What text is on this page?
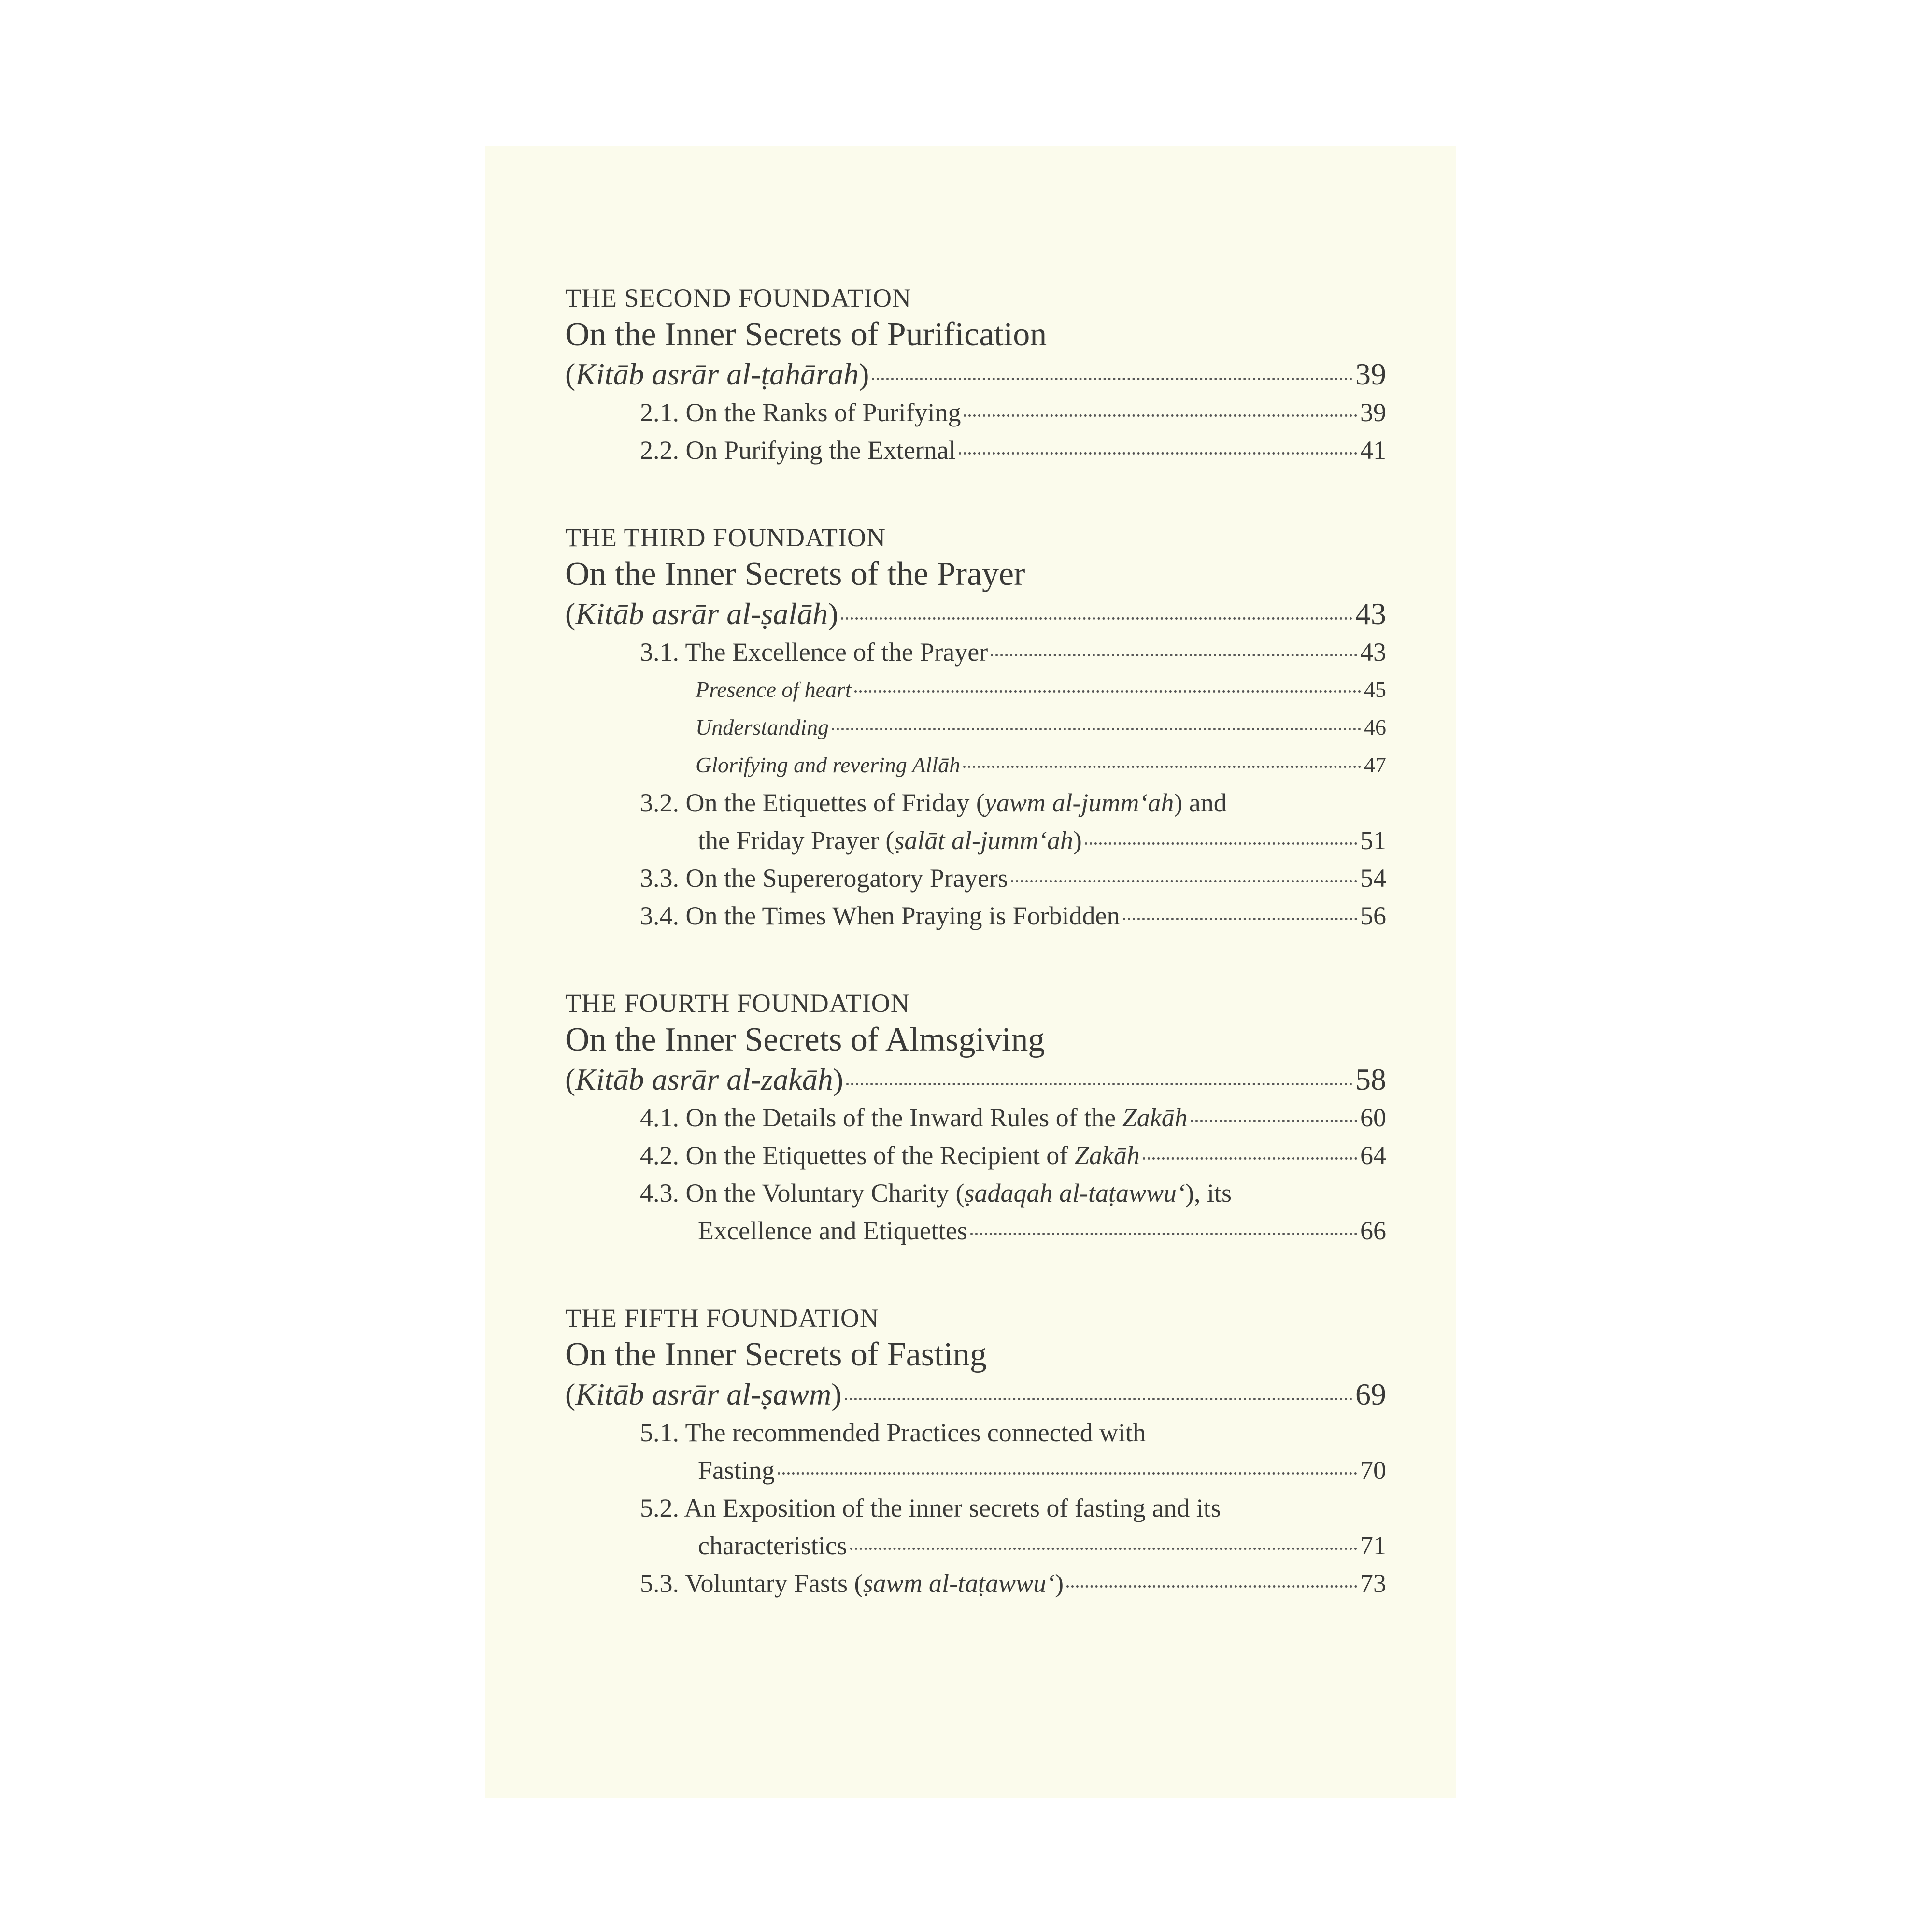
THE SECOND FOUNDATION
On the Inner Secrets of Purification
(Kitāb asrār al-ṭahārah)	39
2.1. On the Ranks of Purifying	39
2.2. On Purifying the External	41
THE THIRD FOUNDATION
On the Inner Secrets of the Prayer
(Kitāb asrār al-ṣalāh)	43
3.1. The Excellence of the Prayer	43
Presence of heart	45
Understanding	46
Glorifying and revering Allāh	47
3.2. On the Etiquettes of Friday (yawm al-jumm‘ah) and
the Friday Prayer (ṣalāt al-jumm‘ah)	51
3.3. On the Supererogatory Prayers	54
3.4. On the Times When Praying is Forbidden	56
THE FOURTH FOUNDATION
On the Inner Secrets of Almsgiving
(Kitāb asrār al-zakāh)	58
4.1. On the Details of the Inward Rules of the Zakāh	60
4.2. On the Etiquettes of the Recipient of Zakāh	64
4.3. On the Voluntary Charity (ṣadaqah al-taṭawwu‘), its
Excellence and Etiquettes	66
THE FIFTH FOUNDATION
On the Inner Secrets of Fasting
(Kitāb asrār al-ṣawm)	69
5.1. The recommended Practices connected with
Fasting	70
5.2. An Exposition of the inner secrets of fasting and its
characteristics	71
5.3. Voluntary Fasts (ṣawm al-taṭawwu‘)	73
